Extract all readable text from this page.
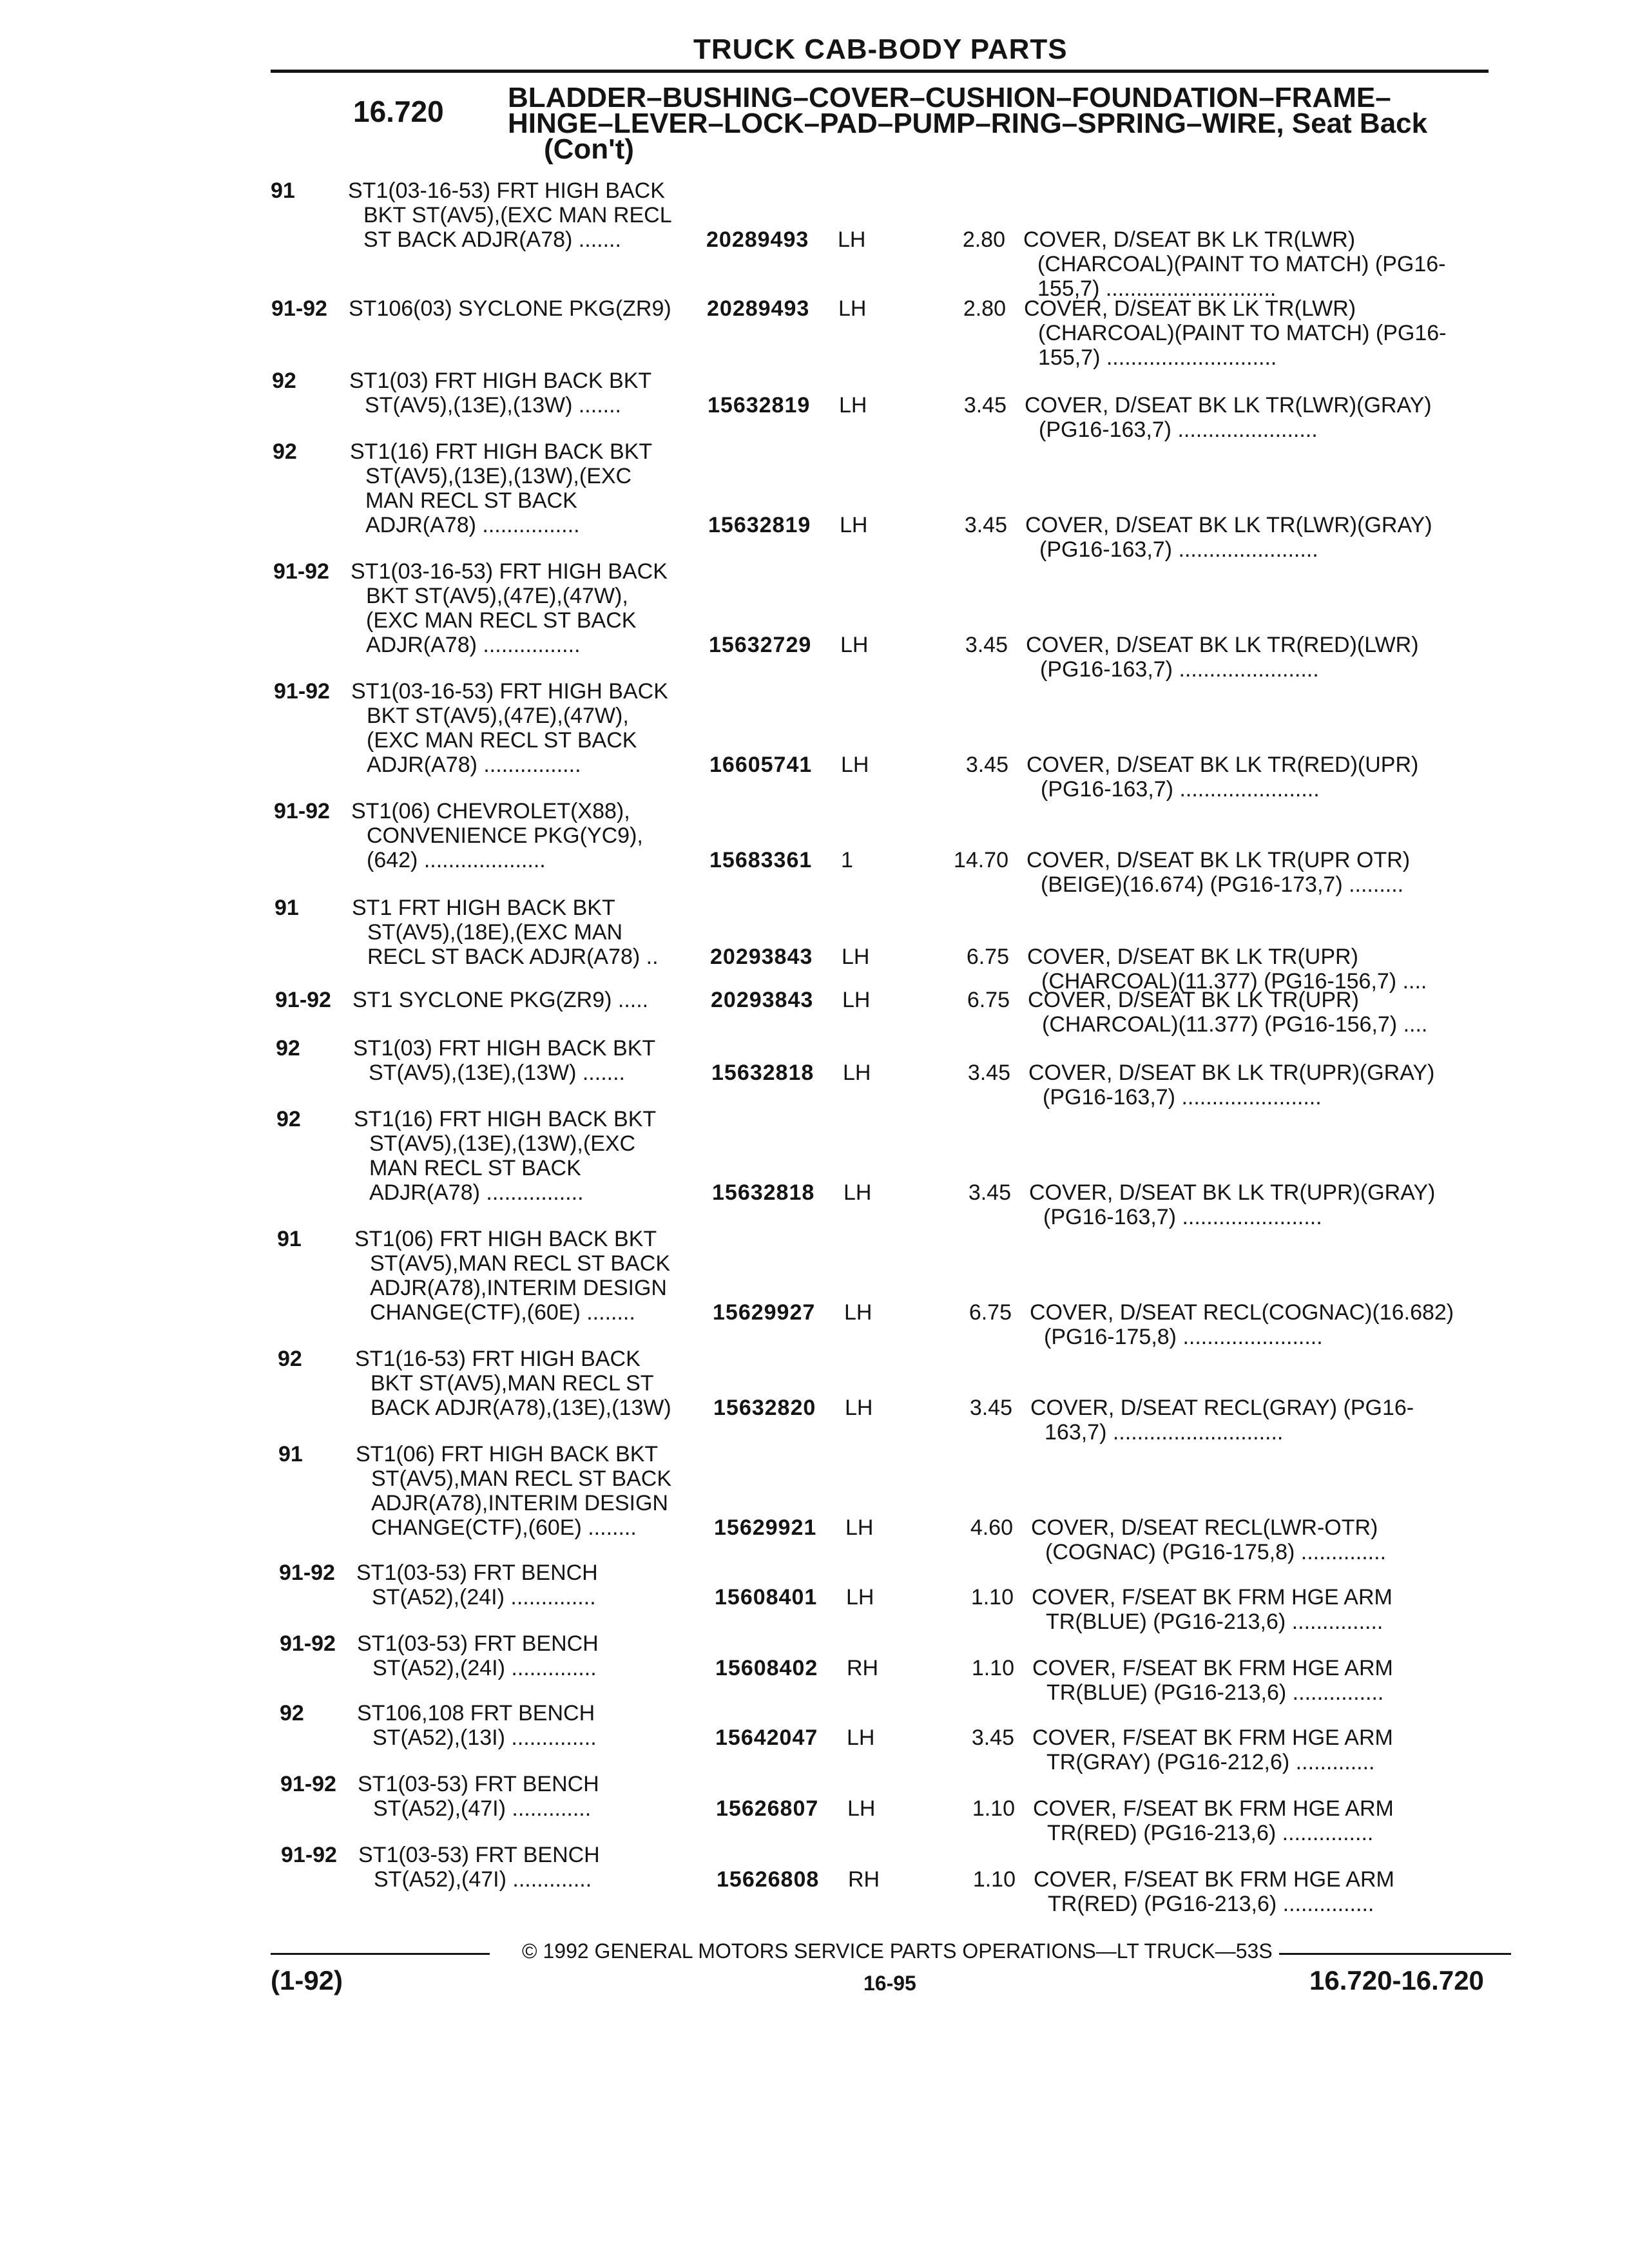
TRUCK CAB-BODY PARTS
16.720 BLADDER–BUSHING–COVER–CUSHION–FOUNDATION–FRAME–
HINGE–LEVER–LOCK–PAD–PUMP–RING–SPRING–WIRE, Seat Back
(Con't)
91 ST1(03-16-53) FRT HIGH BACK
BKT ST(AV5),(EXC MAN RECL
ST BACK ADJR(A78) .......	20289493 LH	2.80 COVER, D/SEAT BK LK TR(LWR)
(CHARCOAL)(PAINT TO MATCH) (PG16-
155,7) ............................
91-92 ST106(03) SYCLONE PKG(ZR9) 20289493 LH	2.80 COVER, D/SEAT BK LK TR(LWR)
(CHARCOAL)(PAINT TO MATCH) (PG16-
155,7) ............................
92 ST1(03) FRT HIGH BACK BKT
ST(AV5),(13E),(13W) .......	15632819 LH	3.45 COVER, D/SEAT BK LK TR(LWR)(GRAY)
(PG16-163,7) .......................
92 ST1(16) FRT HIGH BACK BKT
ST(AV5),(13E),(13W),(EXC
MAN RECL ST BACK
ADJR(A78) ................	15632819 LH	3.45 COVER, D/SEAT BK LK TR(LWR)(GRAY)
(PG16-163,7) .......................
91-92 ST1(03-16-53) FRT HIGH BACK
BKT ST(AV5),(47E),(47W),
(EXC MAN RECL ST BACK
ADJR(A78) ................	15632729 LH	3.45 COVER, D/SEAT BK LK TR(RED)(LWR)
(PG16-163,7) .......................
91-92 ST1(03-16-53) FRT HIGH BACK
BKT ST(AV5),(47E),(47W),
(EXC MAN RECL ST BACK
ADJR(A78) ................	16605741 LH	3.45 COVER, D/SEAT BK LK TR(RED)(UPR)
(PG16-163,7) .......................
91-92 ST1(06) CHEVROLET(X88),
CONVENIENCE PKG(YC9),
(642) ....................	15683361 1	14.70 COVER, D/SEAT BK LK TR(UPR OTR)
(BEIGE)(16.674) (PG16-173,7) .........
91 ST1 FRT HIGH BACK BKT
ST(AV5),(18E),(EXC MAN
RECL ST BACK ADJR(A78) .. 20293843 LH	6.75 COVER, D/SEAT BK LK TR(UPR)
(CHARCOAL)(11.377) (PG16-156,7) ....
91-92 ST1 SYCLONE PKG(ZR9) .....	20293843 LH	6.75 COVER, D/SEAT BK LK TR(UPR)
(CHARCOAL)(11.377) (PG16-156,7) ....
92 ST1(03) FRT HIGH BACK BKT
ST(AV5),(13E),(13W) .......	15632818 LH	3.45 COVER, D/SEAT BK LK TR(UPR)(GRAY)
(PG16-163,7) .......................
92 ST1(16) FRT HIGH BACK BKT
ST(AV5),(13E),(13W),(EXC
MAN RECL ST BACK
ADJR(A78) ................	15632818 LH	3.45 COVER, D/SEAT BK LK TR(UPR)(GRAY)
(PG16-163,7) .......................
91 ST1(06) FRT HIGH BACK BKT
ST(AV5),MAN RECL ST BACK
ADJR(A78),INTERIM DESIGN
CHANGE(CTF),(60E) ........	15629927 LH	6.75 COVER, D/SEAT RECL(COGNAC)(16.682)
(PG16-175,8) .......................
92 ST1(16-53) FRT HIGH BACK
BKT ST(AV5),MAN RECL ST
BACK ADJR(A78),(13E),(13W) 15632820 LH	3.45 COVER, D/SEAT RECL(GRAY) (PG16-
163,7) ............................
91 ST1(06) FRT HIGH BACK BKT
ST(AV5),MAN RECL ST BACK
ADJR(A78),INTERIM DESIGN
CHANGE(CTF),(60E) ........	15629921 LH	4.60 COVER, D/SEAT RECL(LWR-OTR)
(COGNAC) (PG16-175,8) ..............
91-92 ST1(03-53) FRT BENCH
ST(A52),(24I) ..............	15608401 LH	1.10 COVER, F/SEAT BK FRM HGE ARM
TR(BLUE) (PG16-213,6) ...............
91-92 ST1(03-53) FRT BENCH
ST(A52),(24I) ..............	15608402 RH	1.10 COVER, F/SEAT BK FRM HGE ARM
TR(BLUE) (PG16-213,6) ...............
92 ST106,108 FRT BENCH
ST(A52),(13I) ..............	15642047 LH	3.45 COVER, F/SEAT BK FRM HGE ARM
TR(GRAY) (PG16-212,6) .............
91-92 ST1(03-53) FRT BENCH
ST(A52),(47I) .............	15626807 LH	1.10 COVER, F/SEAT BK FRM HGE ARM
TR(RED) (PG16-213,6) ...............
91-92 ST1(03-53) FRT BENCH
ST(A52),(47I) .............	15626808 RH	1.10 COVER, F/SEAT BK FRM HGE ARM
TR(RED) (PG16-213,6) ...............
© 1992 GENERAL MOTORS SERVICE PARTS OPERATIONS—LT TRUCK—53S
(1-92)	16-95	16.720-16.720
